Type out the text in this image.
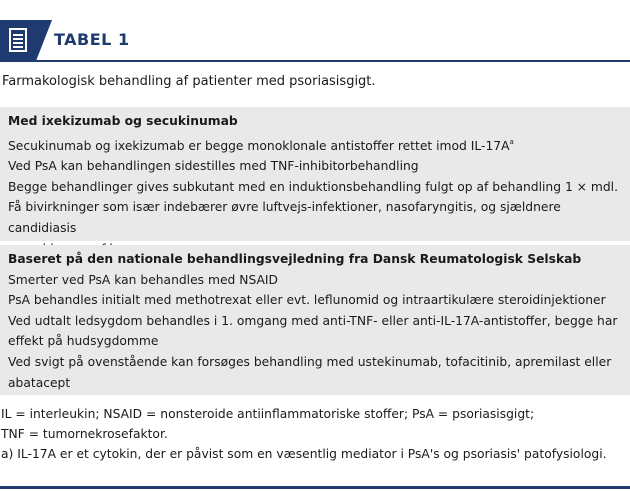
TABEL 1
Farmakologisk behandling af patienter med psoriasisgigt.
Med ixekizumab og secukinumab
Secukinumab og ixekizumab er begge monoklonale antistoffer rettet imod $IL-17A^a$
Ved PsA kan behandlingen sidestilles med TNF-inhibitorbehandling
Begge behandlinger gives subkutant med en induktionsbehandling fulgt op af behandling 1 × mdl.
Få bivirkninger som især indebærer øvre luftvejs-infektioner, nasofaryngitis, og sjældnere candidiasis
Baseret på den nationale behandlingsvejledning fra Dansk Reumatologisk Selskab
Smerter ved PsA kan behandles med NSAID
PsA behandles initialt med methotrexat eller evt. leflunomid og intraartikulære steroidinjektioner
Ved udtalt ledsygdom behandles i 1. omgang med anti-TNF- eller anti-IL-17A-antistoffer, begge har
effekt på hudsygdomme
Ved svigt på ovenstående kan forsøges behandling med ustekinumab, tofacitinib, apremilast eller
abatacept
IL = interleukin; NSAID = nonsteroide antiinflammatoriske stoffer; PsA = psoriasisgigt;
TNF = tumornekrosefaktor.
a) IL-17A er et cytokin, der er påvist som en væsentlig mediator i PsA's og psoriasis' patofysiologi.
